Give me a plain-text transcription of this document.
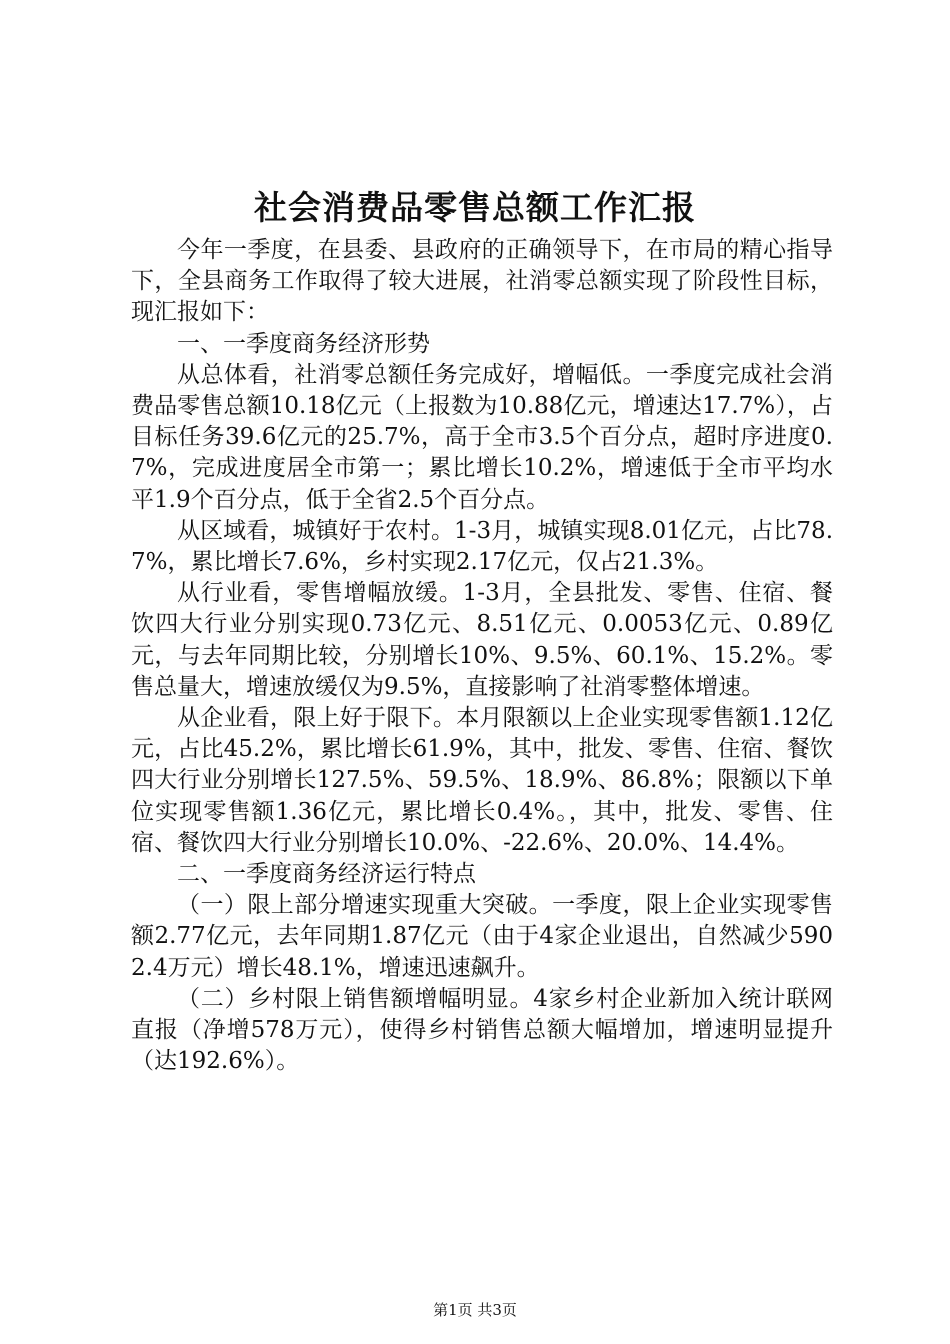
社会消费品零售总额工作汇报

今年一季度，在县委、县政府的正确领导下，在市局的精心指导下，全县商务工作取得了较大进展，社消零总额实现了阶段性目标，现汇报如下：

一、一季度商务经济形势

从总体看，社消零总额任务完成好，增幅低。一季度完成社会消费品零售总额10.18亿元（上报数为10.88亿元，增速达17.7%），占目标任务39.6亿元的25.7%，高于全市3.5个百分点，超时序进度0.7%，完成进度居全市第一；累比增长10.2%，增速低于全市平均水平1.9个百分点，低于全省2.5个百分点。

从区域看，城镇好于农村。1-3月，城镇实现8.01亿元，占比78.7%，累比增长7.6%，乡村实现2.17亿元，仅占21.3%。

从行业看，零售增幅放缓。1-3月，全县批发、零售、住宿、餐饮四大行业分别实现0.73亿元、8.51亿元、0.0053亿元、0.89亿元，与去年同期比较，分别增长10%、9.5%、60.1%、15.2%。零售总量大，增速放缓仅为9.5%，直接影响了社消零整体增速。

从企业看，限上好于限下。本月限额以上企业实现零售额1.12亿元，占比45.2%，累比增长61.9%，其中，批发、零售、住宿、餐饮四大行业分别增长127.5%、59.5%、18.9%、86.8%；限额以下单位实现零售额1.36亿元，累比增长0.4%。，其中，批发、零售、住宿、餐饮四大行业分别增长10.0%、-22.6%、20.0%、14.4%。

二、一季度商务经济运行特点

（一）限上部分增速实现重大突破。一季度，限上企业实现零售额2.77亿元，去年同期1.87亿元（由于4家企业退出，自然减少5902.4万元）增长48.1%，增速迅速飙升。

（二）乡村限上销售额增幅明显。4家乡村企业新加入统计联网直报（净增578万元），使得乡村销售总额大幅增加，增速明显提升（达192.6%）。

第1页 共3页
